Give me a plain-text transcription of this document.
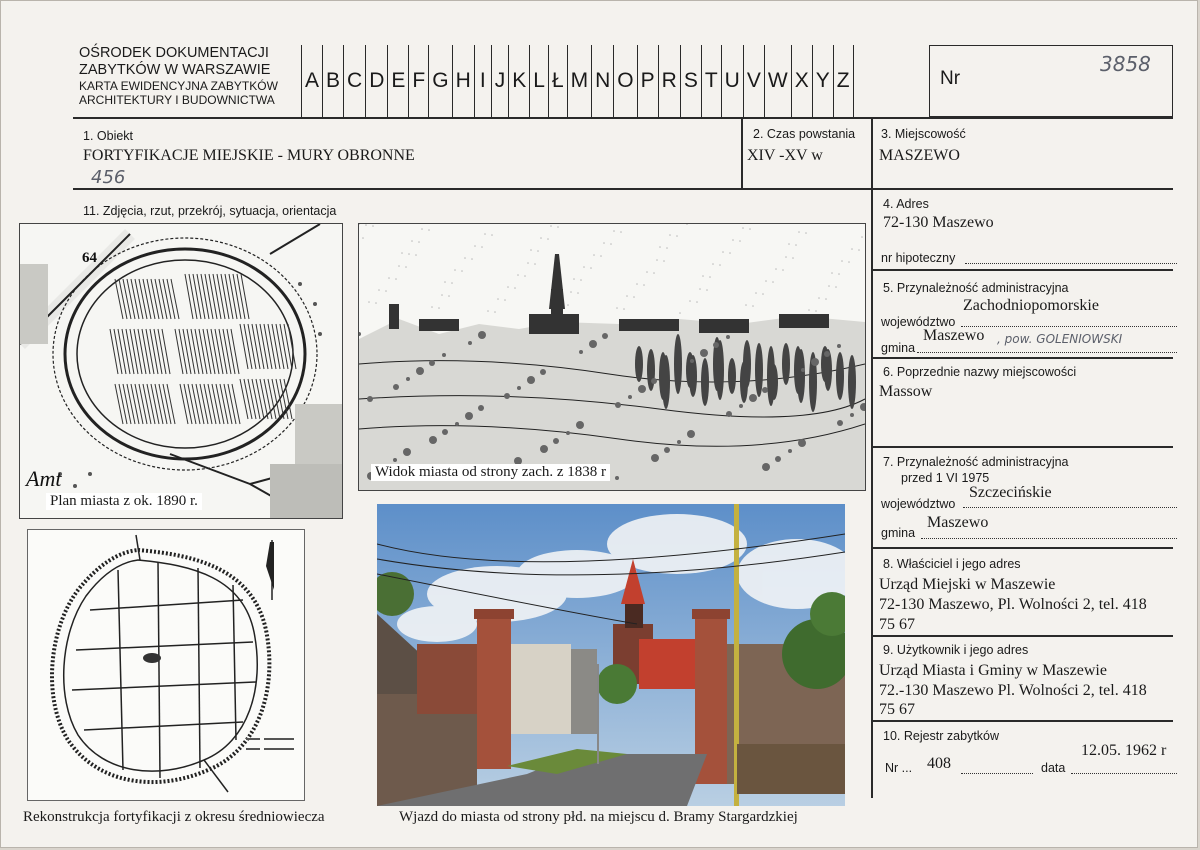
OŚRODEK DOKUMENTACJI
ZABYTKÓW W WARSZAWIE
KARTA EWIDENCYJNA ZABYTKÓW
ARCHITEKTURY I BUDOWNICTWA
A B C D E F G H I J K L Ł M N O P R S T U V W X Y Z	Nr
3858
1. Obiekt
FORTYFIKACJE MIEJSKIE - MURY OBRONNE
456
2. Czas powstania
XIV -XV w
3. Miejscowość
MASZEWO
11. Zdjęcia, rzut, przekrój, sytuacja, orientacja
64
Amt
Plan miasta z ok. 1890 r.
Widok miasta od strony zach. z 1838 r
Rekonstrukcja fortyfikacji z okresu średniowiecza	Wjazd do miasta od strony płd. na miejscu d. Bramy Stargardzkiej
4. Adres
72-130 Maszewo
nr hipoteczny
5. Przynależność administracyjna
województwo
Zachodniopomorskie
gmina
Maszewo , pow. GOLENIOWSKI
6. Poprzednie nazwy miejscowości
Massow
7. Przynależność administracyjna
przed 1 VI 1975
województwo
Szczecińskie
gmina
Maszewo
8. Właściciel i jego adres
Urząd Miejski w Maszewie
72-130 Maszewo, Pl. Wolności 2, tel. 418
75 67
9. Użytkownik i jego adres
Urząd Miasta i Gminy w Maszewie
72.-130 Maszewo Pl. Wolności 2, tel. 418
75 67
10. Rejestr zabytków
Nr ... 408	data
12.05. 1962 r
